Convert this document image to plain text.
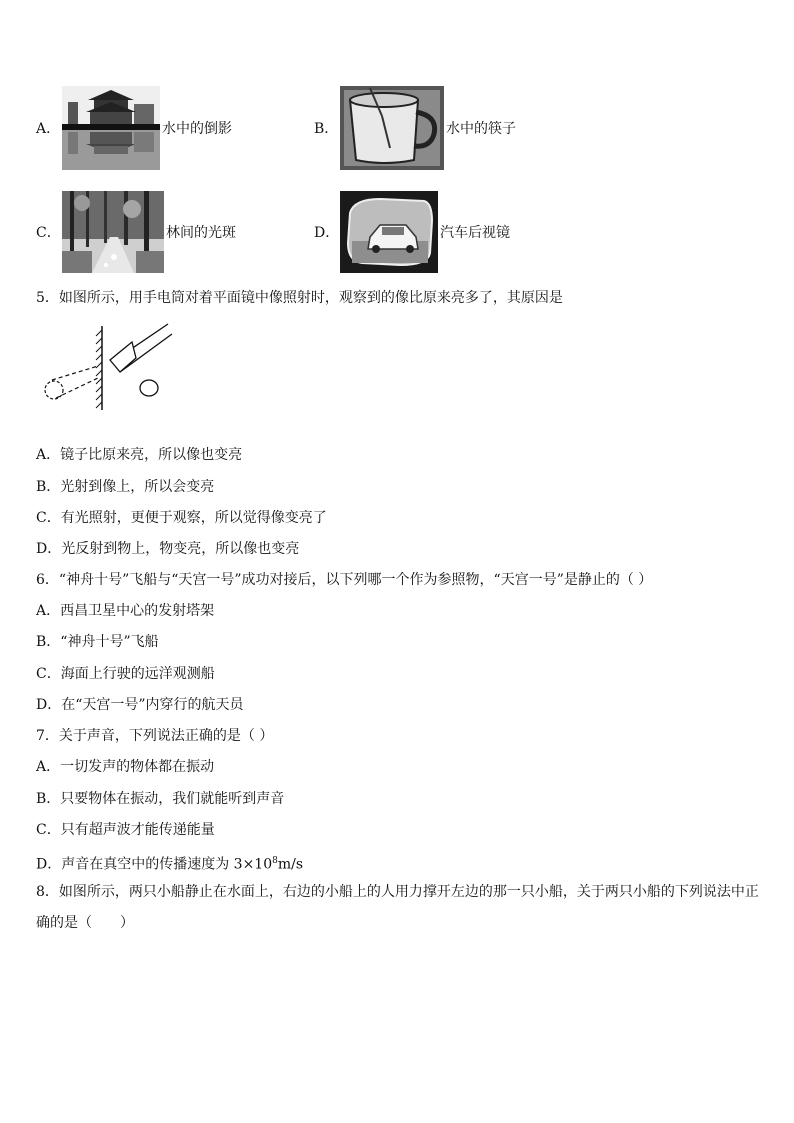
A．	水中的倒影	B．	水中的筷子
C．	林间的光斑	D．	汽车后视镜
5．如图所示，用手电筒对着平面镜中像照射时，观察到的像比原来亮多了，其原因是
A．镜子比原来亮，所以像也变亮
B．光射到像上，所以会变亮
C．有光照射，更便于观察，所以觉得像变亮了
D．光反射到物上，物变亮，所以像也变亮
6．“神舟十号”飞船与“天宫一号”成功对接后，以下列哪一个作为参照物，“天宫一号”是静止的（ ）
A．西昌卫星中心的发射塔架
B．“神舟十号”飞船
C．海面上行驶的远洋观测船
D．在“天宫一号”内穿行的航天员
7．关于声音，下列说法正确的是（ ）
A．一切发声的物体都在振动
B．只要物体在振动，我们就能听到声音
C．只有超声波才能传递能量
D．声音在真空中的传播速度为 $3\times 10^8m/s$
8．如图所示，两只小船静止在水面上，右边的小船上的人用力撑开左边的那一只小船，关于两只小船的下列说法中正
确的是（　　）
